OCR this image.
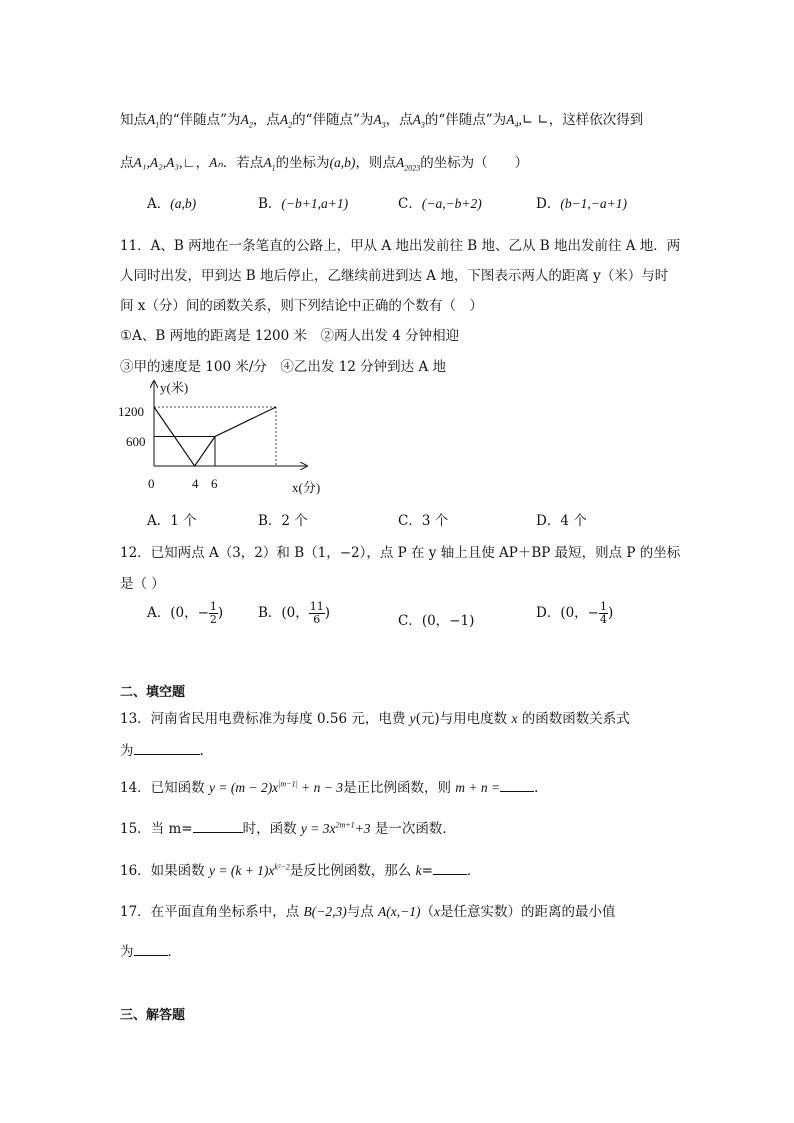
知点$A_1$的“伴随点”为$A_2$，点$A_2$的“伴随点”为$A_3$，点$A_3$的“伴随点”为$A_4,∟$ ∟，这样依次得到
点A₁,A₂,A₃,∟，Aₙ．若点$A_1$的坐标为(a,b)，则点$A_{2023}$的坐标为（　　）
A．(a,b)	B．(−b+1,a+1)	C．(−a,−b+2)	D．(b−1,−a+1)
11．A、B 两地在一条笔直的公路上，甲从 A 地出发前往 B 地、乙从 B 地出发前往 A 地．两
人同时出发，甲到达 B 地后停止，乙继续前进到达 A 地，下图表示两人的距离 y（米）与时
间 x（分）间的函数关系，则下列结论中正确的个数有（　）
①A、B 两地的距离是 1200 米　②两人出发 4 分钟相迎
③甲的速度是 100 米/分　④乙出发 12 分钟到达 A 地
y(米)
x(分)
1200
600
0	4 6
A．1 个	B．2 个	C．3 个	D．4 个
12．已知两点 A（3，2）和 B（1，−2），点 P 在 y 轴上且使 AP＋BP 最短，则点 P 的坐标
是（ ）
A．(0，− $\frac{1}{2}$ )	B．(0， $\frac{11}{6}$ )	C．(0，−1)	D．(0，− $\frac{1}{4}$ )
二、填空题
13．河南省民用电费标准为每度 0.56 元，电费 y(元)与用电度数 x 的函数函数关系式
为	.
14．已知函数 $y = (m - 2)x^{|m-1|} + n - 3$是正比例函数，则 m + n =	．
15．当 m=	时，函数 $y = 3x^{2m+1}+3$ 是一次函数．
16．如果函数 $y = (k + 1)x^{k^2-2}$是反比例函数，那么 k=	．
17．在平面直角坐标系中，点 B(−2,3)与点 A(x,−1)（x是任意实数）的距离的最小值
为	．
三、解答题
